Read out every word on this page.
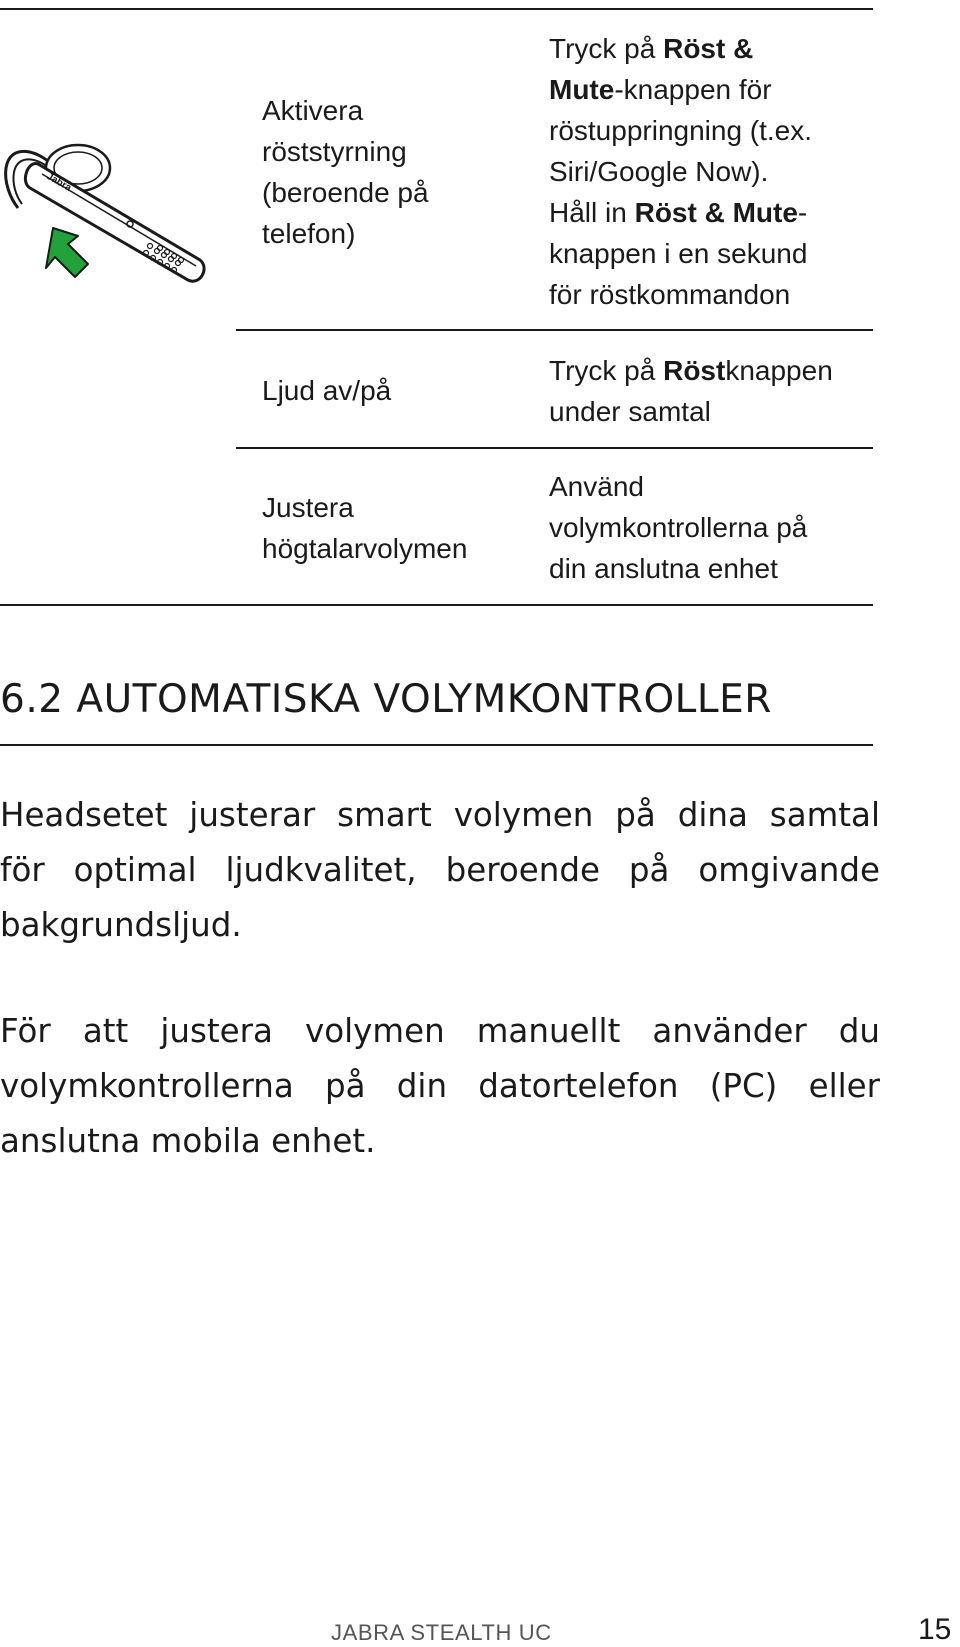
Jabra
Aktivera
röststyrning
(beroende på
telefon)
Tryck på Röst &
Mute-knappen för
röstuppringning (t.ex.
Siri/Google Now).
Håll in Röst & Mute-
knappen i en sekund
för röstkommandon
Ljud av/på
Tryck på Röstknappen
under samtal
Justera
högtalarvolymen
Använd
volymkontrollerna på
din anslutna enhet
6.2 AUTOMATISKA VOLYMKONTROLLER
Headsetet justerar smart volymen på dina samtal
för optimal ljudkvalitet, beroende på omgivande
bakgrundsljud.
För att justera volymen manuellt använder du
volymkontrollerna på din datortelefon (PC) eller
anslutna mobila enhet.
JABRA STEALTH UC	15
